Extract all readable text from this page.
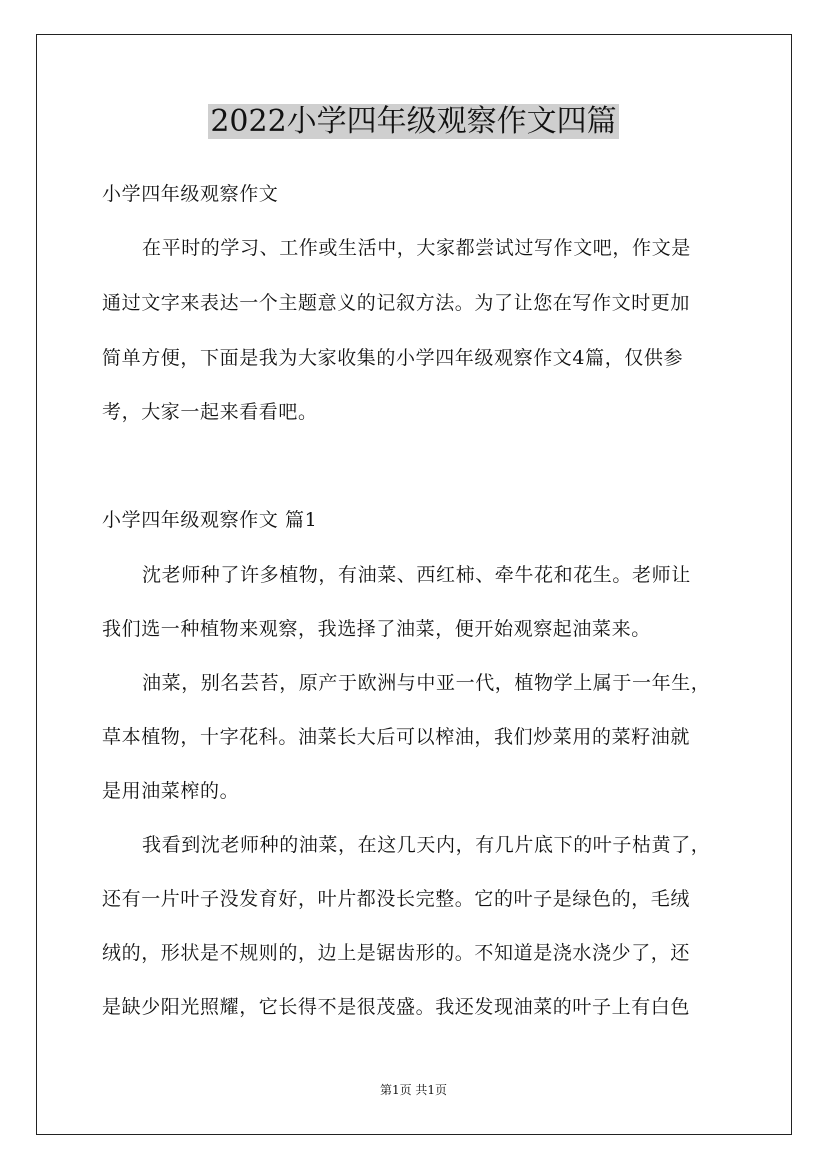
2022小学四年级观察作文四篇

小学四年级观察作文

在平时的学习、工作或生活中，大家都尝试过写作文吧，作文是

通过文字来表达一个主题意义的记叙方法。为了让您在写作文时更加

简单方便，下面是我为大家收集的小学四年级观察作文4篇，仅供参

考，大家一起来看看吧。

小学四年级观察作文 篇1

沈老师种了许多植物，有油菜、西红柿、牵牛花和花生。老师让

我们选一种植物来观察，我选择了油菜，便开始观察起油菜来。

油菜，别名芸苔，原产于欧洲与中亚一代，植物学上属于一年生，

草本植物，十字花科。油菜长大后可以榨油，我们炒菜用的菜籽油就

是用油菜榨的。

我看到沈老师种的油菜，在这几天内，有几片底下的叶子枯黄了，

还有一片叶子没发育好，叶片都没长完整。它的叶子是绿色的，毛绒

绒的，形状是不规则的，边上是锯齿形的。不知道是浇水浇少了，还

是缺少阳光照耀，它长得不是很茂盛。我还发现油菜的叶子上有白色

第1页 共1页
